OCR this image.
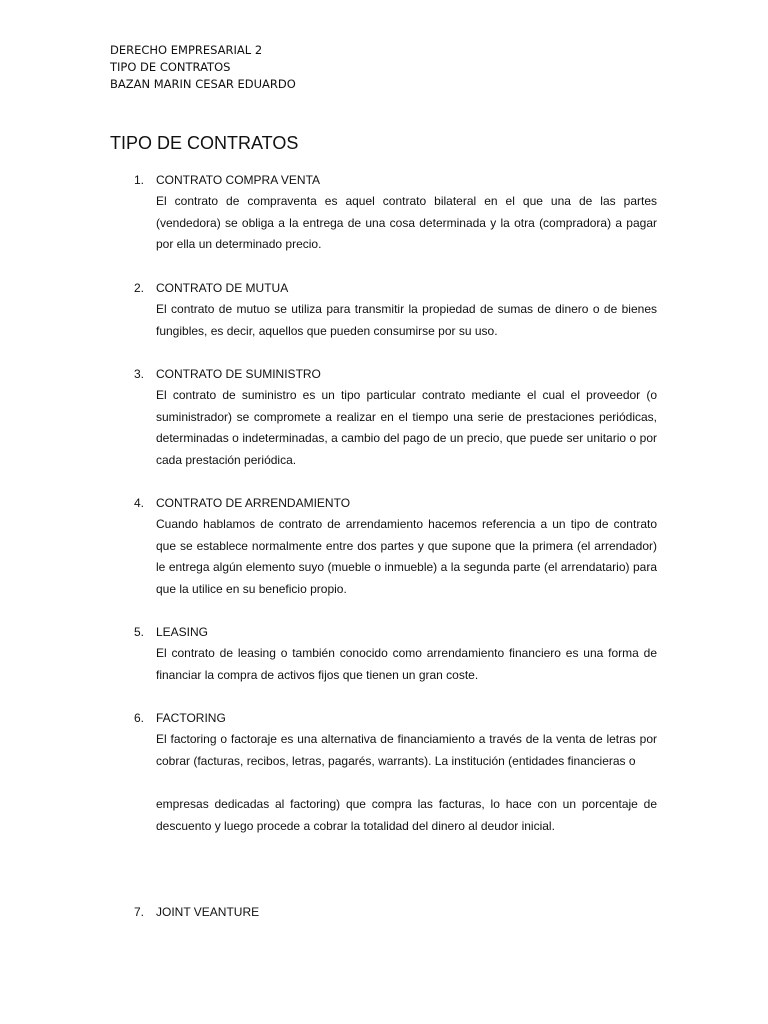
DERECHO EMPRESARIAL 2
TIPO DE CONTRATOS
BAZAN MARIN CESAR EDUARDO
TIPO DE CONTRATOS
1. CONTRATO COMPRA VENTA
El contrato de compraventa es aquel contrato bilateral en el que una de las partes (vendedora) se obliga a la entrega de una cosa determinada y la otra (compradora) a pagar por ella un determinado precio.
2. CONTRATO DE MUTUA
El contrato de mutuo se utiliza para transmitir la propiedad de sumas de dinero o de bienes fungibles, es decir, aquellos que pueden consumirse por su uso.
3. CONTRATO DE SUMINISTRO
El contrato de suministro es un tipo particular contrato mediante el cual el proveedor (o suministrador) se compromete a realizar en el tiempo una serie de prestaciones periódicas, determinadas o indeterminadas, a cambio del pago de un precio, que puede ser unitario o por cada prestación periódica.
4. CONTRATO DE ARRENDAMIENTO
Cuando hablamos de contrato de arrendamiento hacemos referencia a un tipo de contrato que se establece normalmente entre dos partes y que supone que la primera (el arrendador) le entrega algún elemento suyo (mueble o inmueble) a la segunda parte (el arrendatario) para que la utilice en su beneficio propio.
5. LEASING
El contrato de leasing o también conocido como arrendamiento financiero es una forma de financiar la compra de activos fijos que tienen un gran coste.
6. FACTORING
El factoring o factoraje es una alternativa de financiamiento a través de la venta de letras por cobrar (facturas, recibos, letras, pagarés, warrants). La institución (entidades financieras o
empresas dedicadas al factoring) que compra las facturas, lo hace con un porcentaje de descuento y luego procede a cobrar la totalidad del dinero al deudor inicial.
7. JOINT VEANTURE
